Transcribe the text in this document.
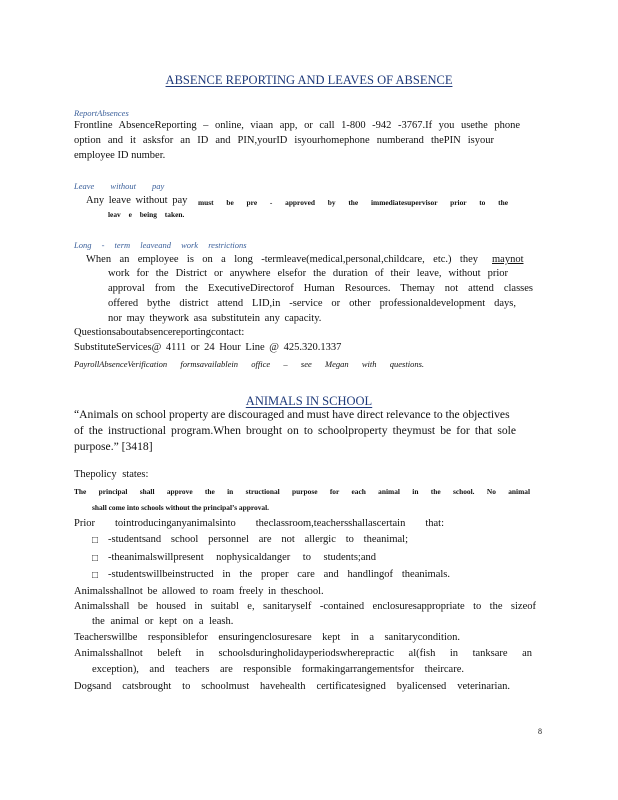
ABSENCE REPORTING AND LEAVES OF ABSENCE
ReportAbsences
Frontline AbsenceReporting – online, viaan app, or call 1-800 -942 -3767.If you usethe phone
option and it asksfor an ID and PIN,yourID isyourhomephone numberand thePIN isyour
employee ID number.
Leave without pay
Any leave without pay must be pre - approved by the immediatesupervisor prior to the
leav e being taken.
Long - term leaveand work restrictions
When an employee is on a long -termleave(medical,personal,childcare, etc.) they maynot
work for the District or anywhere elsefor the duration of their leave, without prior
approval from the ExecutiveDirectorof Human Resources. Themay not attend classes
offered bythe district attend LID,in -service or other professionaldevelopment days,
nor may theywork asa substitutein any capacity.
Questionsaboutabsencereportingcontact:
SubstituteServices@ 4111 or 24 Hour Line @ 425.320.1337
PayrollAbsenceVerification formsavailablein office – see Megan with questions.
ANIMALS IN SCHOOL
“Animals on school property are discouraged and must have direct relevance to the objectives
of the instructional program.When brought on to schoolproperty theymust be for that sole
purpose.” [3418]
Thepolicy states:
The principal shall approve the in structional purpose for each animal in the school. No animal
shall come into schools without the principal’s approval.
Prior tointroducinganyanimalsinto theclassroom,teachersshallascertain that:
□ -studentsand school personnel are not allergic to theanimal;
□ -theanimalswillpresent nophysicaldanger to students;and
□ -studentswillbeinstructed in the proper care and handlingof theanimals.
Animalsshallnot be allowed to roam freely in theschool.
Animalsshall be housed in suitabl e, sanitaryself -contained enclosuresappropriate to the sizeof
the animal or kept on a leash.
Teacherswillbe responsiblefor ensuringenclosuresare kept in a sanitarycondition.
Animalsshallnot beleft in schoolsduringholidayperiodswherepractic al(fish in tanksare an
exception), and teachers are responsible formakingarrangementsfor theircare.
Dogsand catsbrought to schoolmust havehealth certificatesigned byalicensed veterinarian.
8
